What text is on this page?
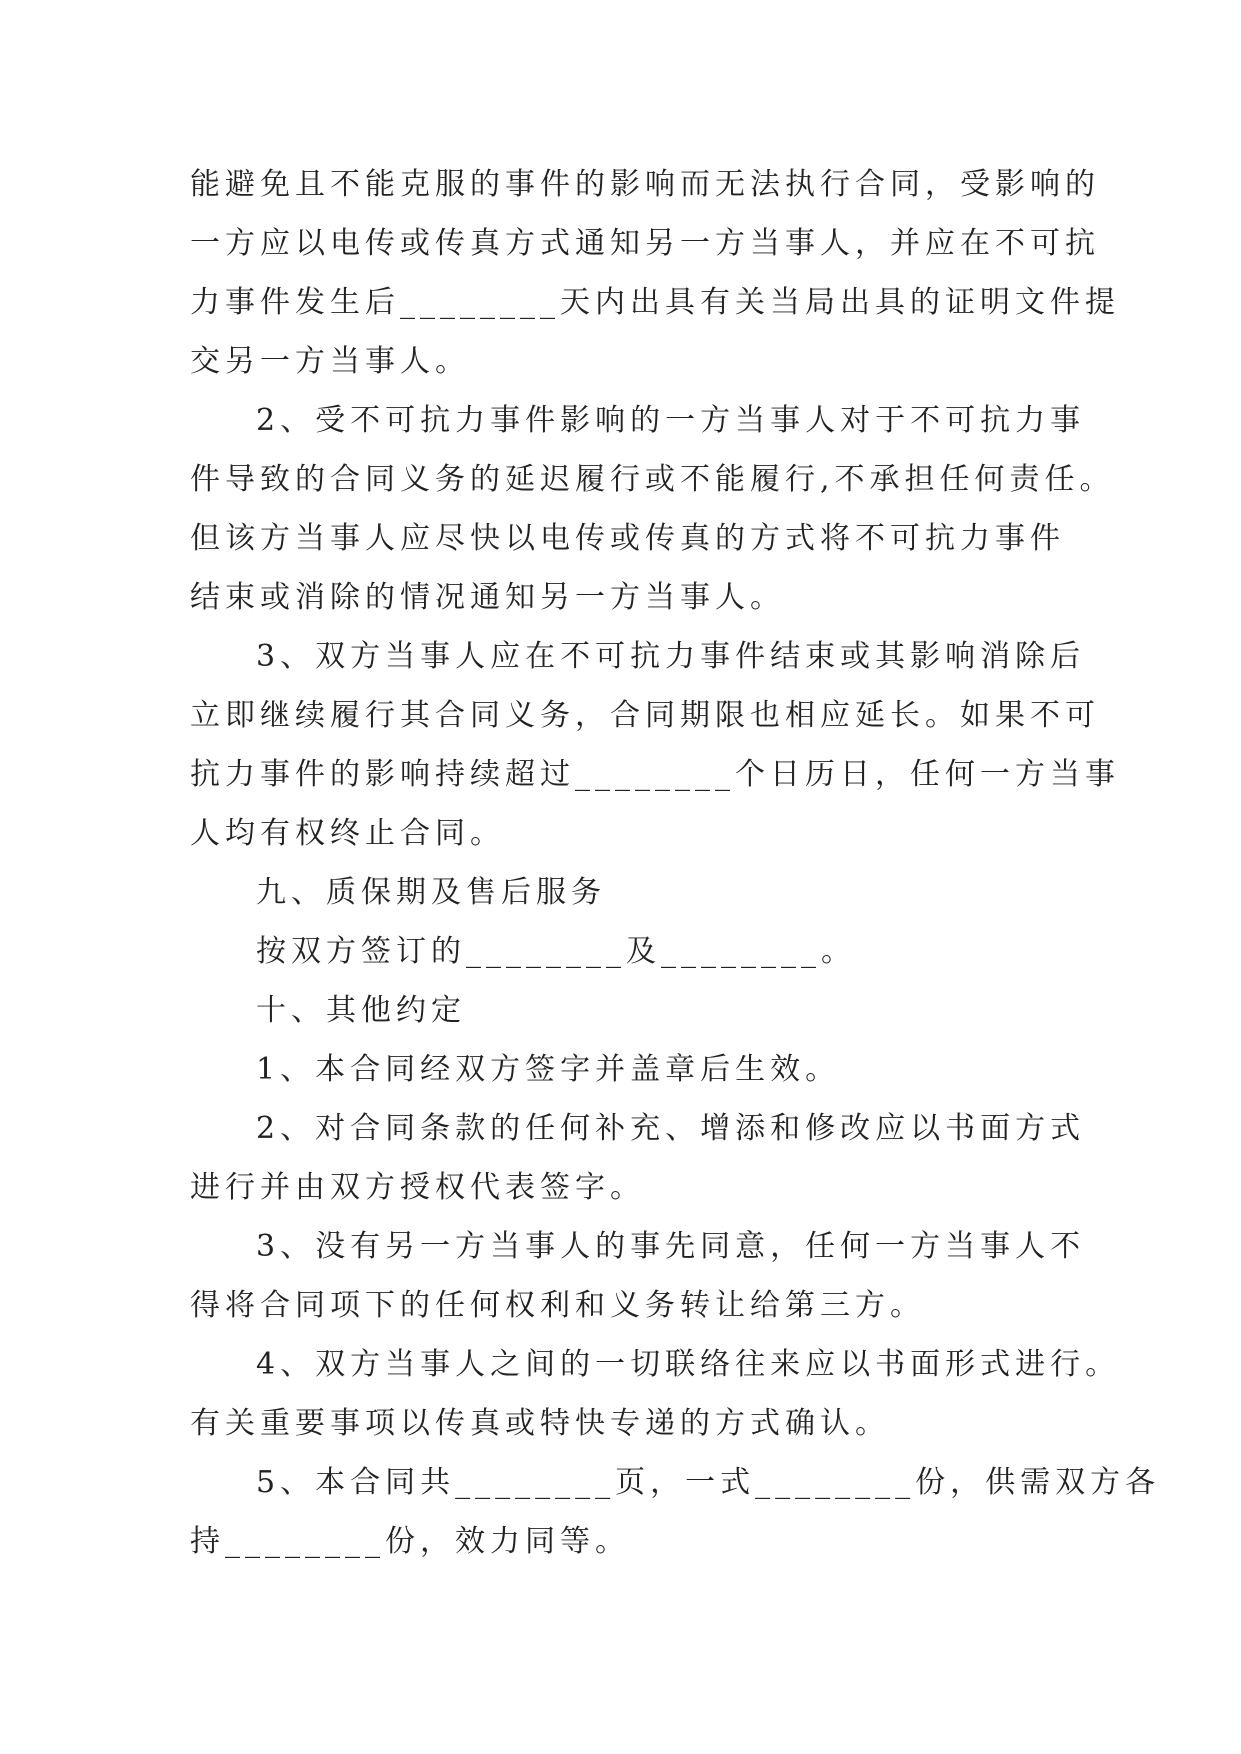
能避免且不能克服的事件的影响而无法执行合同，受影响的
一方应以电传或传真方式通知另一方当事人，并应在不可抗
力事件发生后________天内出具有关当局出具的证明文件提
交另一方当事人。
2、受不可抗力事件影响的一方当事人对于不可抗力事
件导致的合同义务的延迟履行或不能履行,不承担任何责任。
但该方当事人应尽快以电传或传真的方式将不可抗力事件
结束或消除的情况通知另一方当事人。
3、双方当事人应在不可抗力事件结束或其影响消除后
立即继续履行其合同义务，合同期限也相应延长。如果不可
抗力事件的影响持续超过________个日历日，任何一方当事
人均有权终止合同。
九、质保期及售后服务
按双方签订的________及________。
十、其他约定
1、本合同经双方签字并盖章后生效。
2、对合同条款的任何补充、增添和修改应以书面方式
进行并由双方授权代表签字。
3、没有另一方当事人的事先同意，任何一方当事人不
得将合同项下的任何权利和义务转让给第三方。
4、双方当事人之间的一切联络往来应以书面形式进行。
有关重要事项以传真或特快专递的方式确认。
5、本合同共________页，一式________份，供需双方各
持________份，效力同等。
